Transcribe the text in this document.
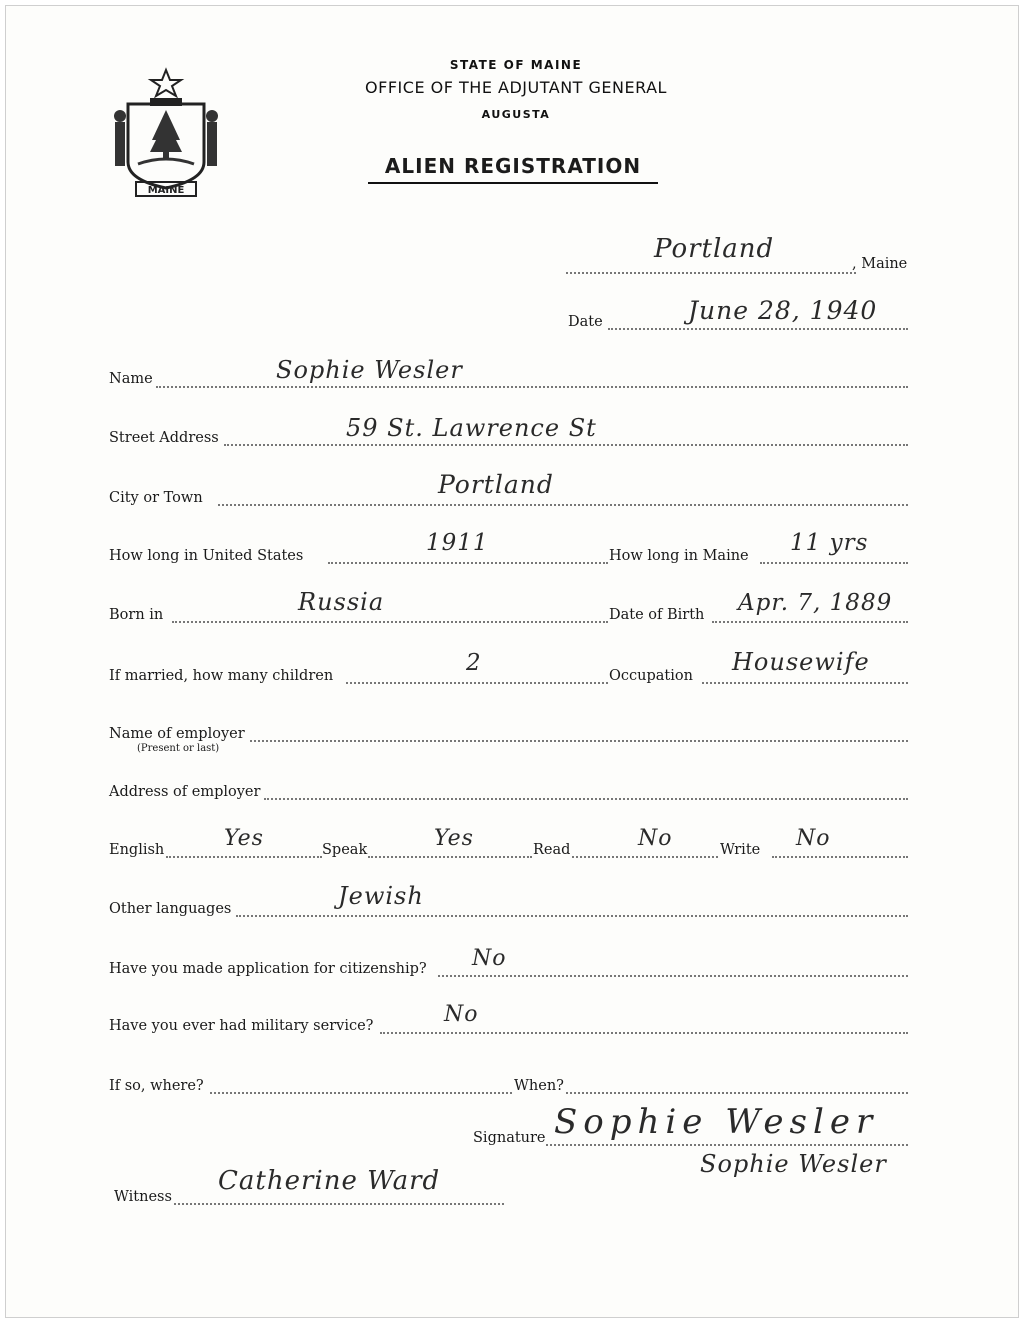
MAINE
STATE OF MAINE
OFFICE OF THE ADJUTANT GENERAL
AUGUSTA
ALIEN REGISTRATION
Portland	, Maine
Date	June 28, 1940
Name	Sophie Wesler
Street Address	59 St. Lawrence St
City or Town	Portland
How long in United States	1911	How long in Maine 11 yrs
Born in	Russia	Date of Birth Apr. 7, 1889
If married, how many children	2	Occupation Housewife
Name of employer
(Present or last)
Address of employer
English	Yes	Speak	Yes	Read	No	Write No
Other languages	Jewish
Have you made application for citizenship? No
Have you ever had military service?	No
If so, where?	When?
Signature Sophie Wesler
Sophie Wesler
Witness
Catherine Ward
